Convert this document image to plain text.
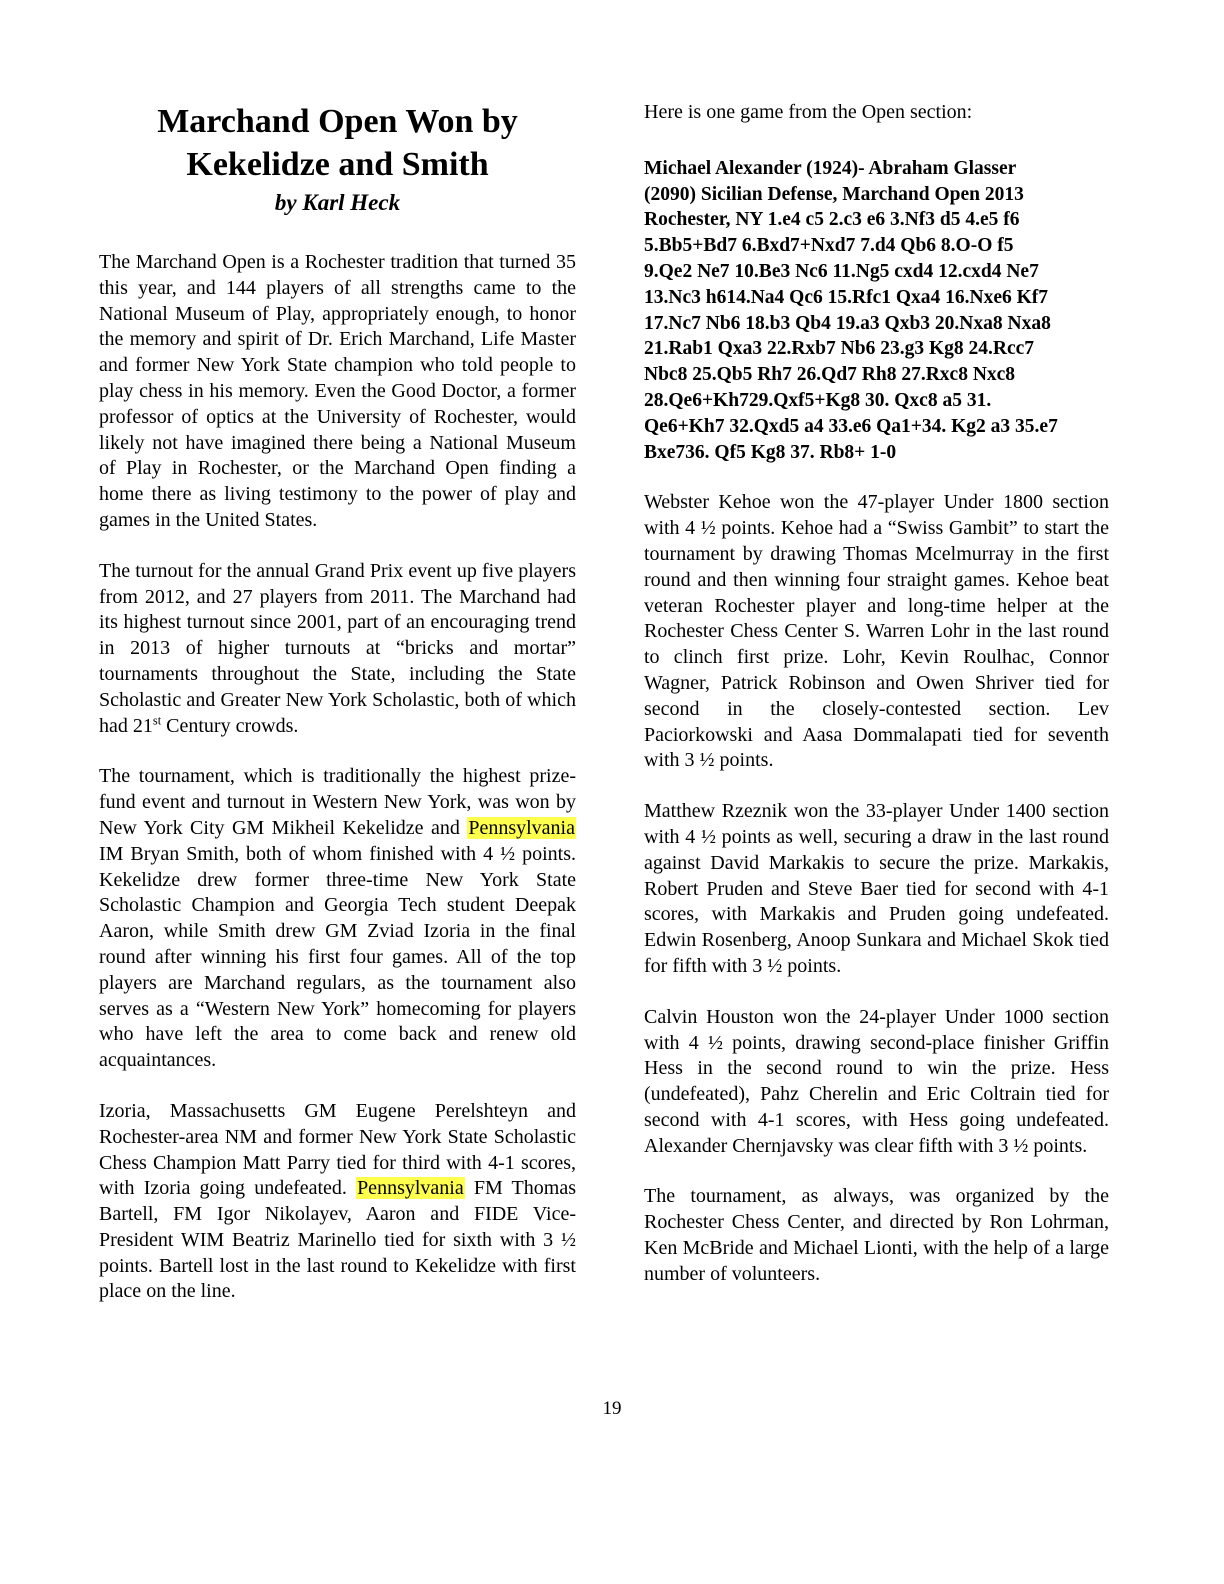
Marchand Open Won by
Kekelidze and Smith
by Karl Heck

The Marchand Open is a Rochester tradition that turned 35 this year, and 144 players of all strengths came to the National Museum of Play, appropriately enough, to honor the memory and spirit of Dr. Erich Marchand, Life Master and former New York State champion who told people to play chess in his memory. Even the Good Doctor, a former professor of optics at the University of Rochester, would likely not have imagined there being a National Museum of Play in Rochester, or the Marchand Open finding a home there as living testimony to the power of play and games in the United States.

The turnout for the annual Grand Prix event up five players from 2012, and 27 players from 2011. The Marchand had its highest turnout since 2001, part of an encouraging trend in 2013 of higher turnouts at “bricks and mortar” tournaments throughout the State, including the State Scholastic and Greater New York Scholastic, both of which had 21st Century crowds.

The tournament, which is traditionally the highest prize-fund event and turnout in Western New York, was won by New York City GM Mikheil Kekelidze and Pennsylvania IM Bryan Smith, both of whom finished with 4 ½ points. Kekelidze drew former three-time New York State Scholastic Champion and Georgia Tech student Deepak Aaron, while Smith drew GM Zviad Izoria in the final round after winning his first four games. All of the top players are Marchand regulars, as the tournament also serves as a “Western New York” homecoming for players who have left the area to come back and renew old acquaintances.

Izoria, Massachusetts GM Eugene Perelshteyn and Rochester-area NM and former New York State Scholastic Chess Champion Matt Parry tied for third with 4-1 scores, with Izoria going undefeated. Pennsylvania FM Thomas Bartell, FM Igor Nikolayev, Aaron and FIDE Vice-President WIM Beatriz Marinello tied for sixth with 3 ½ points. Bartell lost in the last round to Kekelidze with first place on the line.

Here is one game from the Open section:
Michael Alexander (1924)- Abraham Glasser
(2090) Sicilian Defense, Marchand Open 2013
Rochester, NY 1.e4 c5 2.c3 e6 3.Nf3 d5 4.e5 f6
5.Bb5+Bd7 6.Bxd7+Nxd7 7.d4 Qb6 8.O-O f5
9.Qe2 Ne7 10.Be3 Nc6 11.Ng5 cxd4 12.cxd4 Ne7
13.Nc3 h614.Na4 Qc6 15.Rfc1 Qxa4 16.Nxe6 Kf7
17.Nc7 Nb6 18.b3 Qb4 19.a3 Qxb3 20.Nxa8 Nxa8
21.Rab1 Qxa3 22.Rxb7 Nb6 23.g3 Kg8 24.Rcc7
Nbc8 25.Qb5 Rh7 26.Qd7 Rh8 27.Rxc8 Nxc8
28.Qe6+Kh729.Qxf5+Kg8 30. Qxc8 a5 31.
Qe6+Kh7 32.Qxd5 a4 33.e6 Qa1+34. Kg2 a3 35.e7
Bxe736. Qf5 Kg8 37. Rb8+ 1-0

Webster Kehoe won the 47-player Under 1800 section with 4 ½ points. Kehoe had a “Swiss Gambit” to start the tournament by drawing Thomas Mcelmurray in the first round and then winning four straight games. Kehoe beat veteran Rochester player and long-time helper at the Rochester Chess Center S. Warren Lohr in the last round to clinch first prize. Lohr, Kevin Roulhac, Connor Wagner, Patrick Robinson and Owen Shriver tied for second in the closely-contested section. Lev Paciorkowski and Aasa Dommalapati tied for seventh with 3 ½ points.

Matthew Rzeznik won the 33-player Under 1400 section with 4 ½ points as well, securing a draw in the last round against David Markakis to secure the prize. Markakis, Robert Pruden and Steve Baer tied for second with 4-1 scores, with Markakis and Pruden going undefeated. Edwin Rosenberg, Anoop Sunkara and Michael Skok tied for fifth with 3 ½ points.

Calvin Houston won the 24-player Under 1000 section with 4 ½ points, drawing second-place finisher Griffin Hess in the second round to win the prize. Hess (undefeated), Pahz Cherelin and Eric Coltrain tied for second with 4-1 scores, with Hess going undefeated. Alexander Chernjavsky was clear fifth with 3 ½ points.

The tournament, as always, was organized by the Rochester Chess Center, and directed by Ron Lohrman, Ken McBride and Michael Lionti, with the help of a large number of volunteers.

19
